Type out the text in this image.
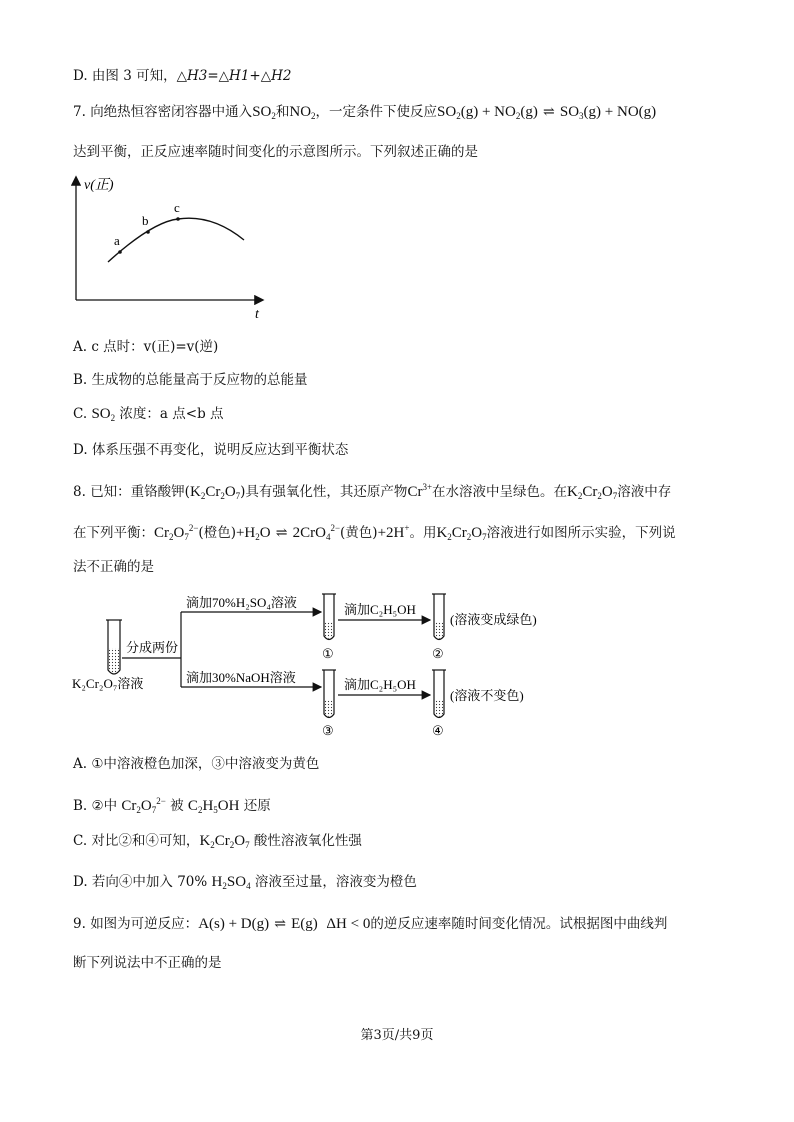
D. 由图 3 可知，△H3=△H1+△H2
7. 向绝热恒容密闭容器中通入$SO_2$和$NO_2$，一定条件下使反应$SO_2(g) + NO_2(g)$ ⇌ $SO_3(g) + NO(g)$
达到平衡，正反应速率随时间变化的示意图所示。下列叙述正确的是
a
b
c
v(正)
t
A. c 点时：v(正)=v(逆)
B. 生成物的总能量高于反应物的总能量
C. $SO_2$ 浓度：a 点<b 点
D. 体系压强不再变化，说明反应达到平衡状态
8. 已知：重铬酸钾$(K_2Cr_2O_7)$具有强氧化性，其还原产物$Cr^{3+}$在水溶液中呈绿色。在$K_2Cr_2O_7$溶液中存
在下列平衡：$Cr_2O_7^{2-}$(橙色)$+H_2O$ ⇌ 2CrO$_4^{2-}$(黄色)+2H+。用$K_2Cr_2O_7$溶液进行如图所示实验，下列说
法不正确的是
K₂Cr₂O₇溶液
分成两份
滴加70%H₂SO₄溶液
滴加30%NaOH溶液
①
③
滴加C₂H₅OH
滴加C₂H₅OH
②
(溶液变成绿色)
④
(溶液不变色)
A. ①中溶液橙色加深，③中溶液变为黄色
B. ②中 $Cr_2O_7^{2-}$ 被 $C_2H_5OH$ 还原
C. 对比②和④可知，$K_2Cr_2O_7$ 酸性溶液氧化性强
D. 若向④中加入 70% $H_2SO_4$ 溶液至过量，溶液变为橙色
9. 如图为可逆反应：A(s) + D(g) ⇌ E(g) ΔH < 0的逆反应速率随时间变化情况。试根据图中曲线判
断下列说法中不正确的是
第3页/共9页
